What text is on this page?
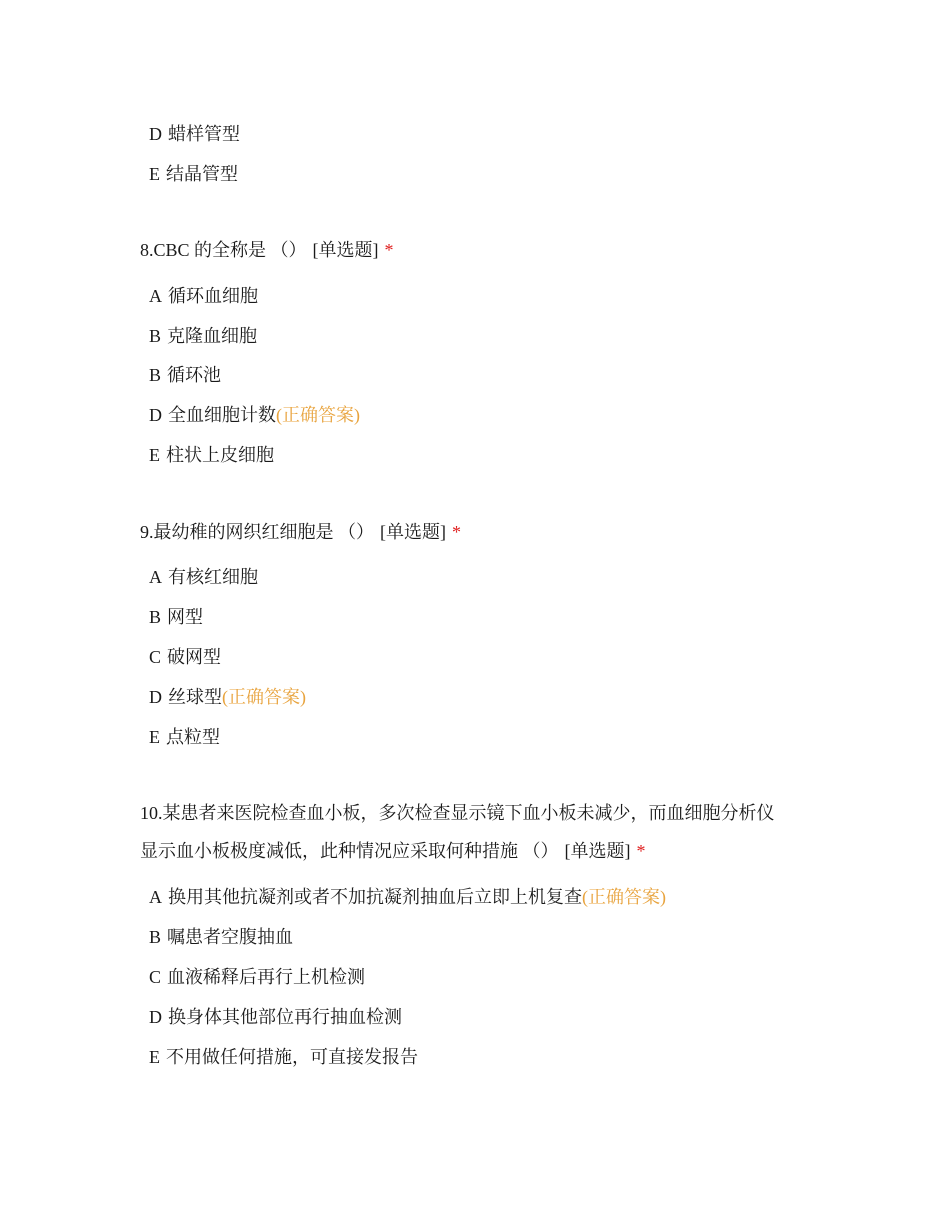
D 蜡样管型
E 结晶管型
8.CBC 的全称是 （） [单选题] *
A 循环血细胞
B 克隆血细胞
B 循环池
D 全血细胞计数(正确答案)
E 柱状上皮细胞
9.最幼稚的网织红细胞是 （） [单选题] *
A 有核红细胞
B 网型
C 破网型
D 丝球型(正确答案)
E 点粒型
10.某患者来医院检查血小板，多次检查显示镜下血小板未减少，而血细胞分析仪
显示血小板极度减低，此种情况应采取何种措施 （） [单选题] *
A 换用其他抗凝剂或者不加抗凝剂抽血后立即上机复查(正确答案)
B 嘱患者空腹抽血
C 血液稀释后再行上机检测
D 换身体其他部位再行抽血检测
E 不用做任何措施，可直接发报告
